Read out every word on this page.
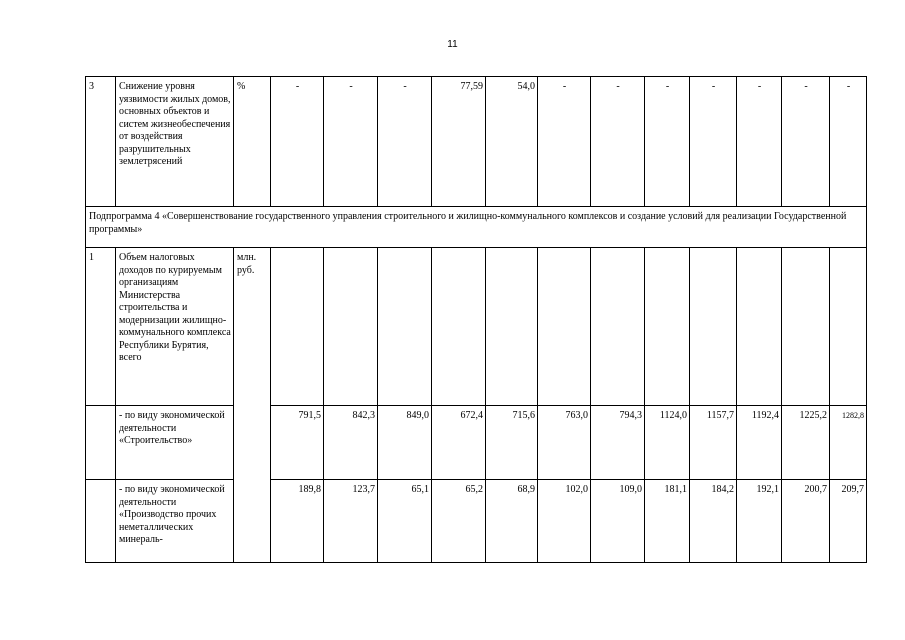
11
3	Снижение уровня уязвимости жилых домов, основных объектов и систем жизнеобеспечения от воздействия разрушительных землетрясений	%	-	-	-	77,59	54,0	-	-	-	-	-	-	-
Подпрограмма 4 «Совершенствование государственного управления строительного и жилищно-коммунального комплексов и создание условий для реализации Государственной программы»														
1	Объем налоговых доходов по курируемым организациям Министерства строительства и модернизации жилищно-коммунального комплекса Республики Бурятия, всего	млн. руб.												
	- по виду экономической деятельности «Строительство»		791,5	842,3	849,0	672,4	715,6	763,0	794,3	1124,0	1157,7	1192,4	1225,2	1282,8
	- по виду экономической деятельности «Производство прочих неметаллических минераль-		189,8	123,7	65,1	65,2	68,9	102,0	109,0	181,1	184,2	192,1	200,7	209,7
